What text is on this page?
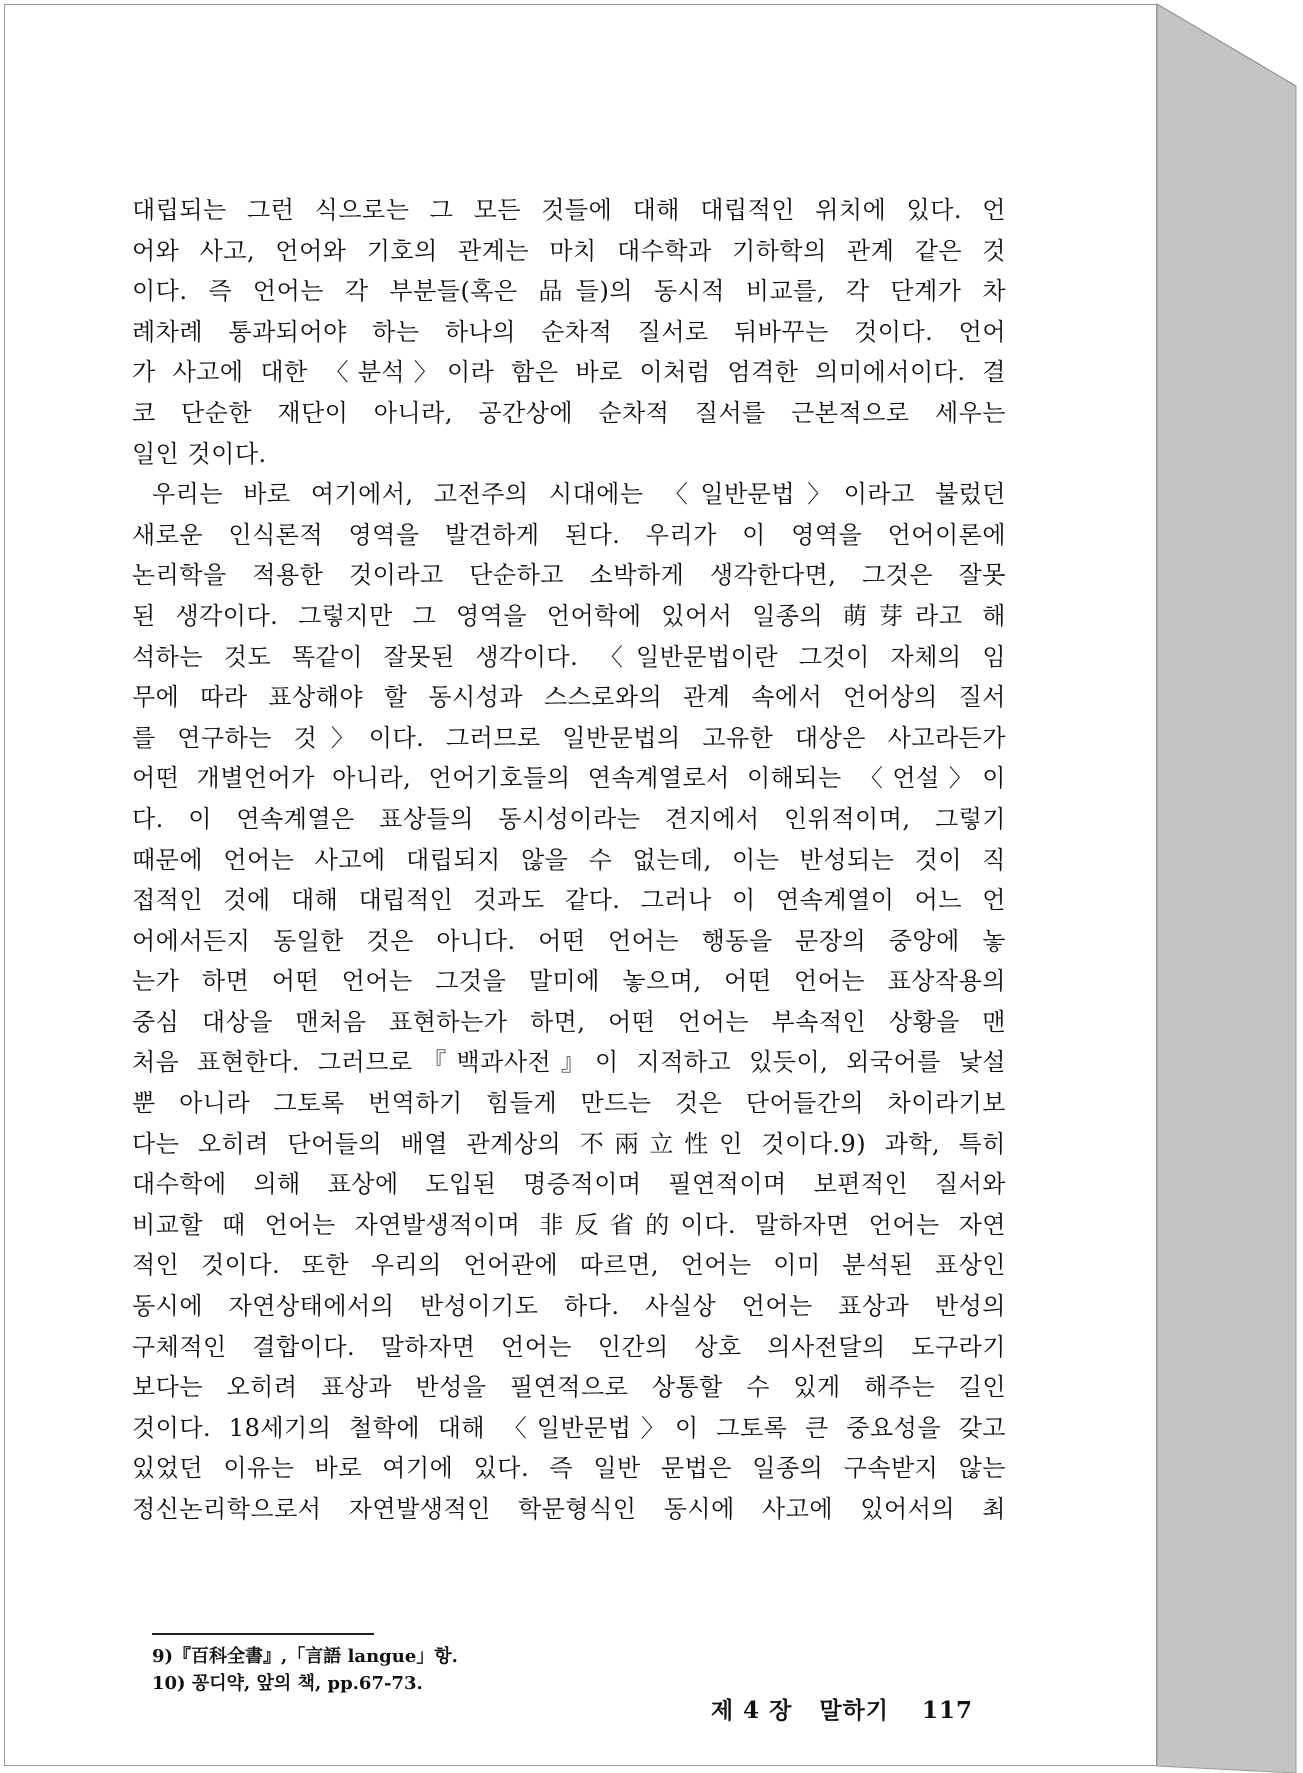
대립되는 그런 식으로는 그 모든 것들에 대해 대립적인 위치에 있다. 언
어와 사고, 언어와 기호의 관계는 마치 대수학과 기하학의 관계 같은 것
이다. 즉 언어는 각 부분들(혹은 品들)의 동시적 비교를, 각 단계가 차
례차례 통과되어야 하는 하나의 순차적 질서로 뒤바꾸는 것이다. 언어
가 사고에 대한 〈분석〉이라 함은 바로 이처럼 엄격한 의미에서이다. 결
코 단순한 재단이 아니라, 공간상에 순차적 질서를 근본적으로 세우는
일인 것이다.
우리는 바로 여기에서, 고전주의 시대에는 〈일반문법〉이라고 불렀던
새로운 인식론적 영역을 발견하게 된다. 우리가 이 영역을 언어이론에
논리학을 적용한 것이라고 단순하고 소박하게 생각한다면, 그것은 잘못
된 생각이다. 그렇지만 그 영역을 언어학에 있어서 일종의 萌芽라고 해
석하는 것도 똑같이 잘못된 생각이다. 〈일반문법이란 그것이 자체의 임
무에 따라 표상해야 할 동시성과 스스로와의 관계 속에서 언어상의 질서
를 연구하는 것〉이다. 그러므로 일반문법의 고유한 대상은 사고라든가
어떤 개별언어가 아니라, 언어기호들의 연속계열로서 이해되는 〈언설〉이
다. 이 연속계열은 표상들의 동시성이라는 견지에서 인위적이며, 그렇기
때문에 언어는 사고에 대립되지 않을 수 없는데, 이는 반성되는 것이 직
접적인 것에 대해 대립적인 것과도 같다. 그러나 이 연속계열이 어느 언
어에서든지 동일한 것은 아니다. 어떤 언어는 행동을 문장의 중앙에 놓
는가 하면 어떤 언어는 그것을 말미에 놓으며, 어떤 언어는 표상작용의
중심 대상을 맨처음 표현하는가 하면, 어떤 언어는 부속적인 상황을 맨
처음 표현한다. 그러므로『백과사전』이 지적하고 있듯이, 외국어를 낯설
뿐 아니라 그토록 번역하기 힘들게 만드는 것은 단어들간의 차이라기보
다는 오히려 단어들의 배열 관계상의 不兩立性인 것이다.9) 과학, 특히
대수학에 의해 표상에 도입된 명증적이며 필연적이며 보편적인 질서와
비교할 때 언어는 자연발생적이며 非反省的이다. 말하자면 언어는 자연
적인 것이다. 또한 우리의 언어관에 따르면, 언어는 이미 분석된 표상인
동시에 자연상태에서의 반성이기도 하다. 사실상 언어는 표상과 반성의
구체적인 결합이다. 말하자면 언어는 인간의 상호 의사전달의 도구라기
보다는 오히려 표상과 반성을 필연적으로 상통할 수 있게 해주는 길인
것이다. 18세기의 철학에 대해 〈일반문법〉이 그토록 큰 중요성을 갖고
있었던 이유는 바로 여기에 있다. 즉 일반 문법은 일종의 구속받지 않는
정신논리학으로서 자연발생적인 학문형식인 동시에 사고에 있어서의 최
9)『百科全書』,「言語 langue」항.
10) 꽁디약, 앞의 책, pp.67-73.
제 4 장 말하기 117
